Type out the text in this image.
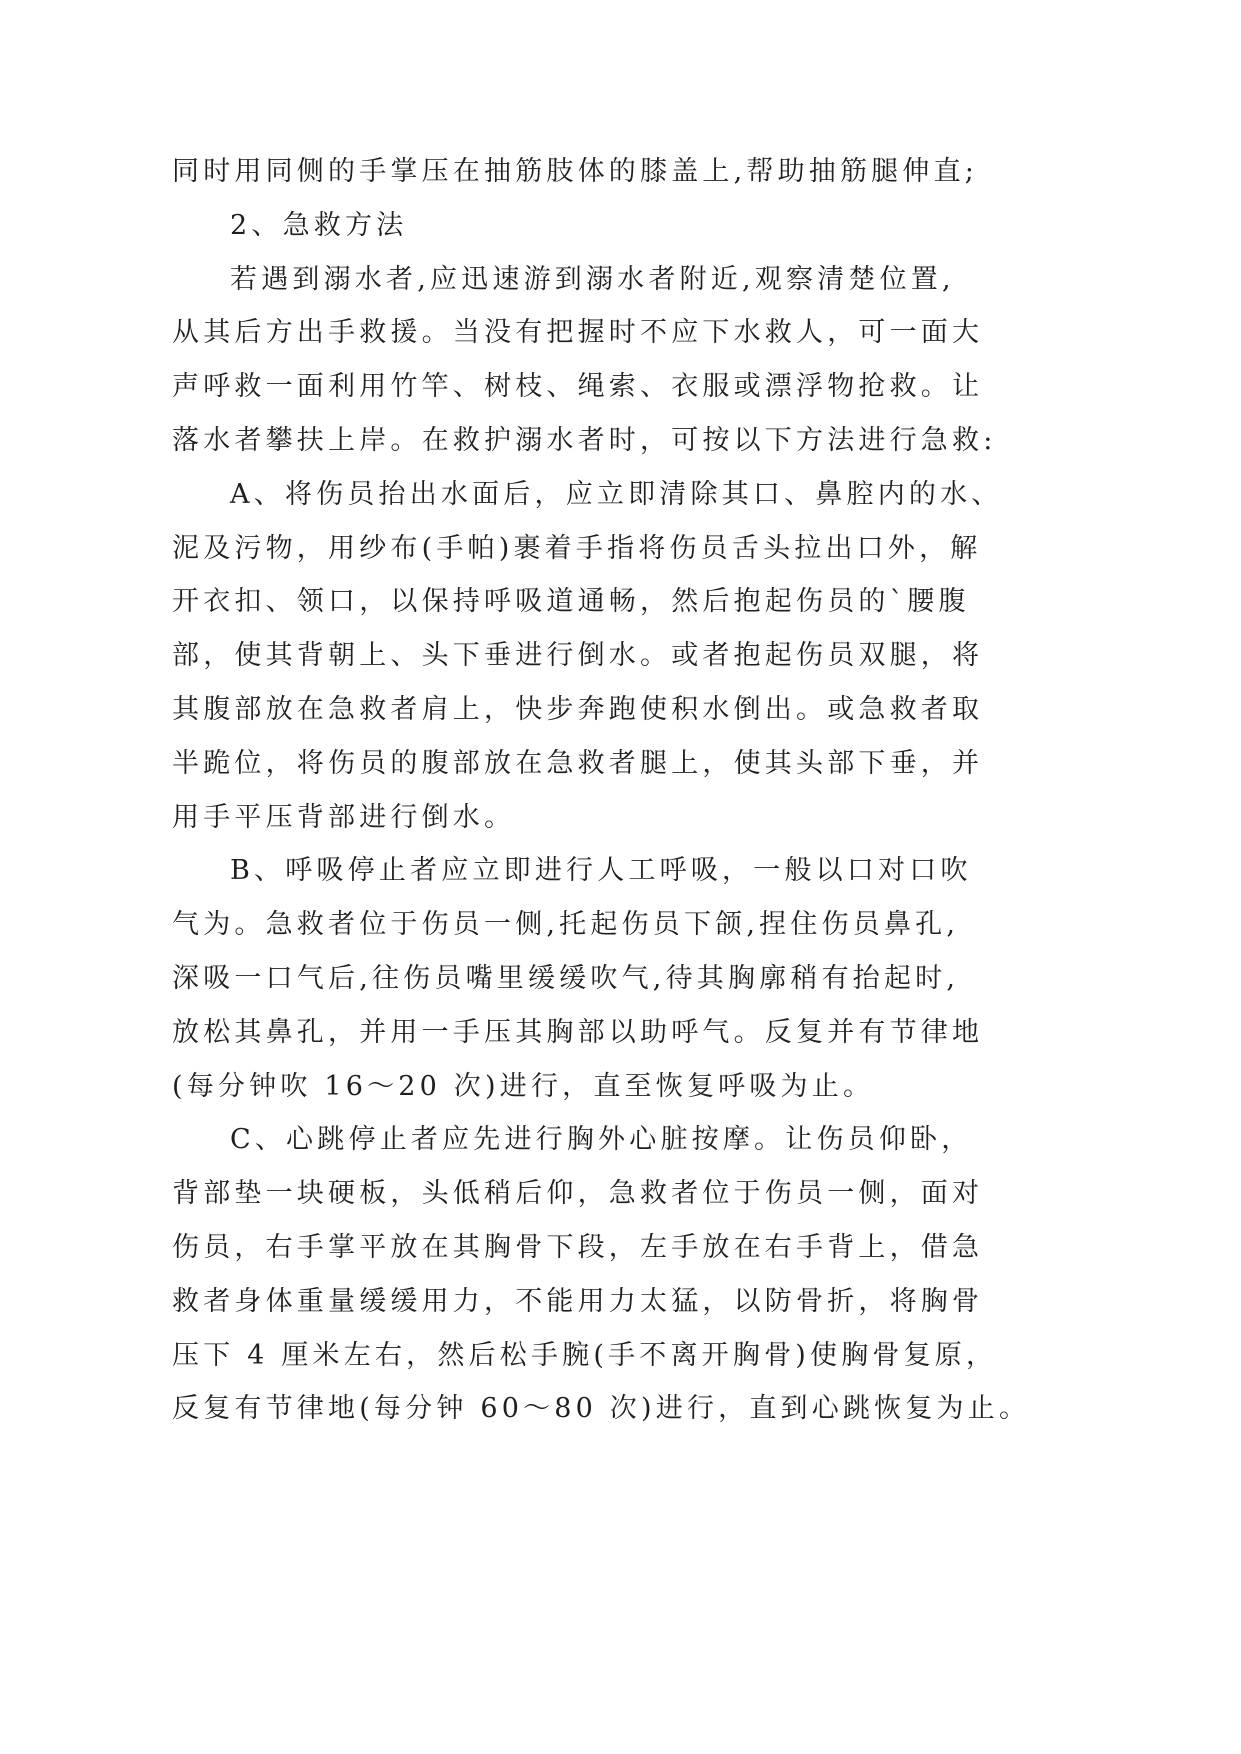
同时用同侧的手掌压在抽筋肢体的膝盖上,帮助抽筋腿伸直;
2、急救方法
若遇到溺水者,应迅速游到溺水者附近,观察清楚位置,
从其后方出手救援。当没有把握时不应下水救人，可一面大
声呼救一面利用竹竿、树枝、绳索、衣服或漂浮物抢救。让
落水者攀扶上岸。在救护溺水者时，可按以下方法进行急救:
A、将伤员抬出水面后，应立即清除其口、鼻腔内的水、
泥及污物，用纱布(手帕)裹着手指将伤员舌头拉出口外，解
开衣扣、领口，以保持呼吸道通畅，然后抱起伤员的`腰腹
部，使其背朝上、头下垂进行倒水。或者抱起伤员双腿，将
其腹部放在急救者肩上，快步奔跑使积水倒出。或急救者取
半跪位，将伤员的腹部放在急救者腿上，使其头部下垂，并
用手平压背部进行倒水。
B、呼吸停止者应立即进行人工呼吸，一般以口对口吹
气为。急救者位于伤员一侧,托起伤员下颌,捏住伤员鼻孔,
深吸一口气后,往伤员嘴里缓缓吹气,待其胸廓稍有抬起时,
放松其鼻孔，并用一手压其胸部以助呼气。反复并有节律地
(每分钟吹 16～20 次)进行，直至恢复呼吸为止。
C、心跳停止者应先进行胸外心脏按摩。让伤员仰卧，
背部垫一块硬板，头低稍后仰，急救者位于伤员一侧，面对
伤员，右手掌平放在其胸骨下段，左手放在右手背上，借急
救者身体重量缓缓用力，不能用力太猛，以防骨折，将胸骨
压下 4 厘米左右，然后松手腕(手不离开胸骨)使胸骨复原，
反复有节律地(每分钟 60～80 次)进行，直到心跳恢复为止。
